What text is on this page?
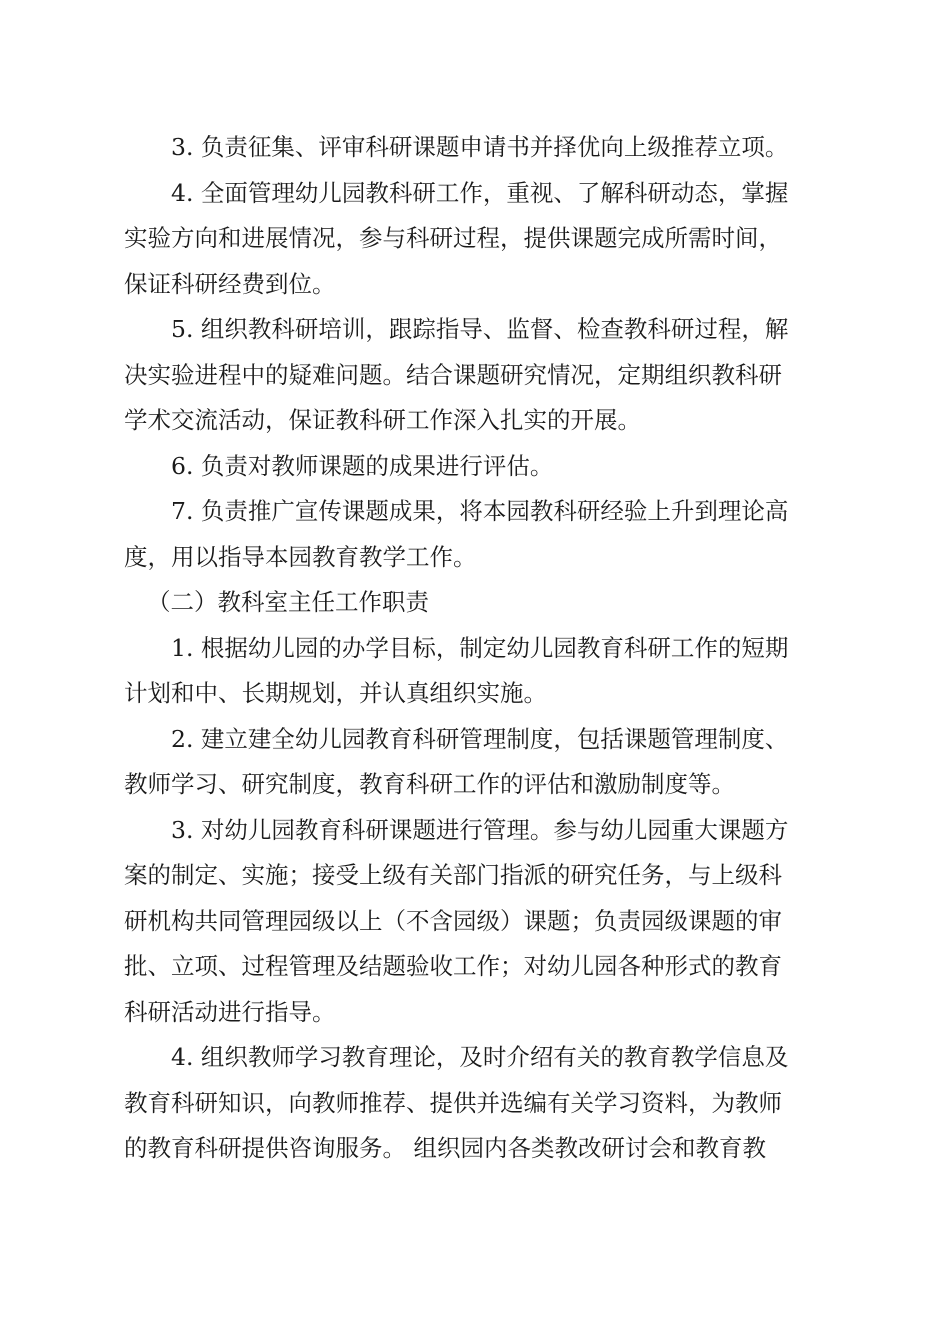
3. 负责征集、评审科研课题申请书并择优向上级推荐立项。

4. 全面管理幼儿园教科研工作，重视、了解科研动态，掌握
实验方向和进展情况，参与科研过程，提供课题完成所需时间，
保证科研经费到位。

5. 组织教科研培训，跟踪指导、监督、检查教科研过程，解
决实验进程中的疑难问题。结合课题研究情况，定期组织教科研
学术交流活动，保证教科研工作深入扎实的开展。

6. 负责对教师课题的成果进行评估。

7. 负责推广宣传课题成果，将本园教科研经验上升到理论高
度，用以指导本园教育教学工作。

（二）教科室主任工作职责

1. 根据幼儿园的办学目标，制定幼儿园教育科研工作的短期
计划和中、长期规划，并认真组织实施。

2. 建立建全幼儿园教育科研管理制度，包括课题管理制度、
教师学习、研究制度，教育科研工作的评估和激励制度等。

3. 对幼儿园教育科研课题进行管理。参与幼儿园重大课题方
案的制定、实施；接受上级有关部门指派的研究任务，与上级科
研机构共同管理园级以上（不含园级）课题；负责园级课题的审
批、立项、过程管理及结题验收工作；对幼儿园各种形式的教育
科研活动进行指导。

4. 组织教师学习教育理论，及时介绍有关的教育教学信息及
教育科研知识，向教师推荐、提供并选编有关学习资料，为教师
的教育科研提供咨询服务。 组织园内各类教改研讨会和教育教
